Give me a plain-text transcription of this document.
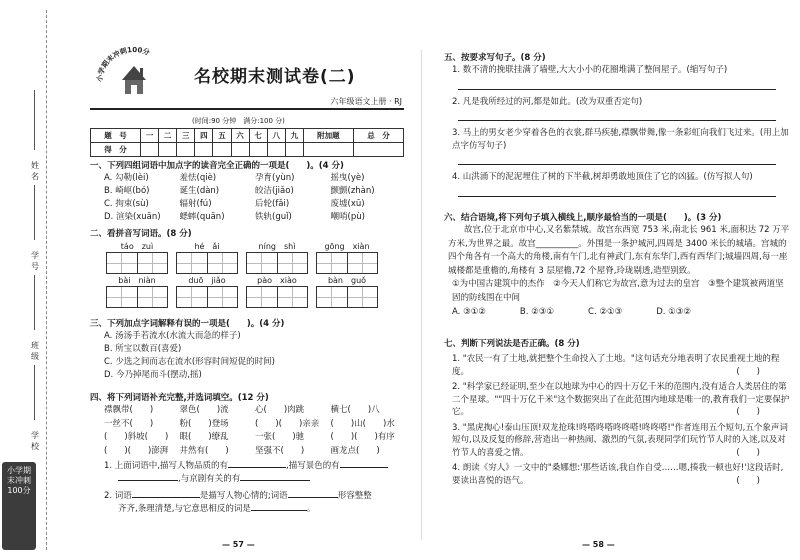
姓名
学号
班级
学校
小学期末冲刺100分
小学期末冲刺100分
名校期末测试卷(二)
六年级语文上册 · RJ
(时间:90 分钟　满分:100 分)
题　号	一	二	三	四	五	六	七	八	九	附加题	总　分
得　分											
一、下列四组词语中加点字的读音完全正确的一项是(　　)。(4 分)
A. 勾勒(lèi)	羞怯(qiè)	孕育(yùn)	摇曳(yè)
B. 崎岖(bó)	诞生(dàn)	皎洁(jiǎo)	颤颤(zhàn)
C. 拘束(sù)	辐射(fú)	后轮(fǎi)	废墟(xū)
D. 渲染(xuān)	蟋蟀(quān)	铁轨(guǐ)	嘲哨(pù)
二、看拼音写词语。(8 分)
táo　zuì	hé　ǎi	níng　shì	gōng　xiàn
bài　niàn	duō　jiǎo	pào　xiào	bàn　guǒ
三、下列加点字词解释有误的一项是(　　)。(4 分)
A. 汤汤手若流水(水流大而急的样子)
B. 所宝以数百(喜爱)
C. 少选之间而志在流水(形容时间短促的时间)
D. 今乃掉尾而斗(摆动,摇)
四、将下列词语补充完整,并选词填空。(12 分)
襟飘带(　　)	翠色(　　)流	心(　　)肉跳	横七(　　)八
一丝不(　　)	粉(　　)登场	(　　)(　　)亲亲	(　　)山(　　)水
(　　)斜坡(　　)	眼(　　)缭乱	一张(　　)驰	(　　)(　　)有序
(　　)(　　)澎湃	井然有(　　)	坚强不(　　)	画龙点(　　)
1. 上面词语中,描写人物品质的有	,描写景色的有
,与京剧有关的有
2. 词语	是描写人物心情的;词语	形容整整
齐齐,条理清楚,与它意思相反的词是	。
— 57 —
五、按要求写句子。(8 分)
1. 数不清的挽联挂满了墙壁,大大小小的花圈堆满了整间屋子。(缩写句子)
2. 凡是我所经过的河,都是如此。(改为双重否定句)
3. 马上的男女老少穿着各色的衣裳,群马疾驰,襟飘带舞,像一条彩虹向我们飞过来。(用上加点字仿写句子)
4. 山洪涌下的泥泥埋住了树的下半截,树却勇敢地顶住了它的凶猛。(仿写拟人句)
六、结合语境,将下列句子填入横线上,顺序最恰当的一项是(　　)。(3 分)
故宫,位于北京市中心,又名紫禁城。故宫东西宽 753 米,南北长 961 米,面积达 72 万平方米,为世界之最。故宫__________。外围是一条护城河,四周是 3400 米长的城墙。宫城的四个角各有一个高大的角楼,南有午门,北有神武门,东有东华门,西有西华门;城墙四周,每一座城楼都是重檐的,角楼有 3 层屋檐,72 个屋脊,玲珑剔透,造型别致。
①为中国古建筑中的杰作　②今天人们称它为故宫,意为过去的皇宫　③整个建筑被两道坚固的防线围在中间
A. ③①②　　　　B. ②③①　　　　C. ②①③　　　　D. ①③②
七、判断下列说法是否正确。(8 分)
1. "农民一有了土地,就把整个生命投入了土地。"这句话充分地表明了农民重视土地的程度。	(　　)
2. "科学家已经证明,至少在以地球为中心的四十万亿千米的范围内,没有适合人类居住的第二个星球。""四十万亿千米"这个数据突出了在此范围内地球是唯一的,教育我们一定要保护它。	(　　)
3. "黑虎掏心!泰山压顶!双龙抢珠!咚嗒咚嗒咚咚嗒!咚咚嗒!"作者连用五个短句,五个象声词短句,以及反复的修辞,营造出一种热闹、激烈的气氛,表现同学们玩竹节人时的入迷,以及对竹节人的喜爱之情。	(　　)
4. 朗读《穷人》一文中的"桑娜想:'那些话该,我自作自受……嗯,揍我一顿也好!'这段话时,要读出喜悦的语气。	(　　)
— 58 —
